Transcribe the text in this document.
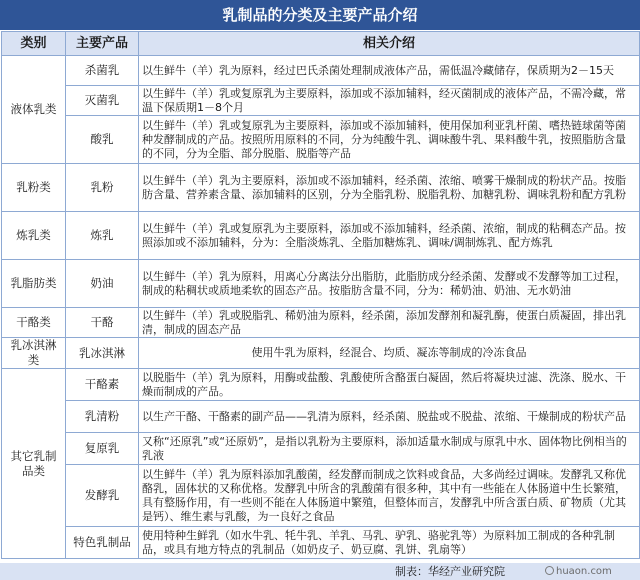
乳制品的分类及主要产品介绍
类别	主要产品	相关介绍
液体乳类	杀菌乳	以生鲜牛（羊）乳为原料，经过巴氏杀菌处理制成液体产品，需低温冷藏储存，保质期为2－15天
	灭菌乳	以生鲜牛（羊）乳或复原乳为主要原料，添加或不添加辅料，经灭菌制成的液体产品，不需冷藏，常温下保质期1－8个月
	酸乳	以生鲜牛（羊）乳或复原乳为主要原料，添加或不添加辅料，使用保加利亚乳杆菌、嗜热链球菌等菌种发酵制成的产品。按照所用原料的不同，分为纯酸牛乳、调味酸牛乳、果料酸牛乳，按照脂肪含量的不同，分为全脂、部分脱脂、脱脂等产品
乳粉类	乳粉	以生鲜牛（羊）乳为主要原料，添加或不添加辅料，经杀菌、浓缩、喷雾干燥制成的粉状产品。按脂肪含量、营养素含量、添加辅料的区别，分为全脂乳粉、脱脂乳粉、加糖乳粉、调味乳粉和配方乳粉
炼乳类	炼乳	以生鲜牛（羊）乳或复原乳为主要原料，添加或不添加辅料，经杀菌、浓缩，制成的粘稠态产品。按照添加或不添加辅料，分为：全脂淡炼乳、全脂加糖炼乳、调味/调制炼乳、配方炼乳
乳脂肪类	奶油	以生鲜牛（羊）乳为原料，用离心分离法分出脂肪，此脂肪成分经杀菌、发酵或不发酵等加工过程，制成的粘稠状或质地柔软的固态产品。按脂肪含量不同，分为：稀奶油、奶油、无水奶油
干酪类	干酪	以生鲜牛（羊）乳或脱脂乳、稀奶油为原料，经杀菌，添加发酵剂和凝乳酶，使蛋白质凝固，排出乳清，制成的固态产品
乳冰淇淋类	乳冰淇淋	使用牛乳为原料，经混合、均质、凝冻等制成的冷冻食品
其它乳制品类	干酪素	以脱脂牛（羊）乳为原料，用酶或盐酸、乳酸使所含酪蛋白凝固，然后将凝块过滤、洗涤、脱水、干燥而制成的产品。
	乳清粉	以生产干酪、干酪素的副产品——乳清为原料，经杀菌、脱盐或不脱盐、浓缩、干燥制成的粉状产品
	复原乳	又称“还原乳”或“还原奶”，是指以乳粉为主要原料，添加适量水制成与原乳中水、固体物比例相当的乳液
	发酵乳	以生鲜牛（羊）乳为原料添加乳酸菌，经发酵而制成之饮料或食品，大多尚经过调味。发酵乳又称优酪乳，固体状的又称优格。发酵乳中所含的乳酸菌有很多种，其中有一些能在人体肠道中生长繁殖，具有整肠作用，有一些则不能在人体肠道中繁殖，但整体而言，发酵乳中所含蛋白质、矿物质（尤其是钙）、维生素与乳酸，为一良好之食品
	特色乳制品	使用特种生鲜乳（如水牛乳、牦牛乳、羊乳、马乳、驴乳、骆驼乳等）为原料加工制成的各种乳制品，或具有地方特点的乳制品（如奶皮子、奶豆腐、乳饼、乳扇等）
制表：华经产业研究院	huaon.com
